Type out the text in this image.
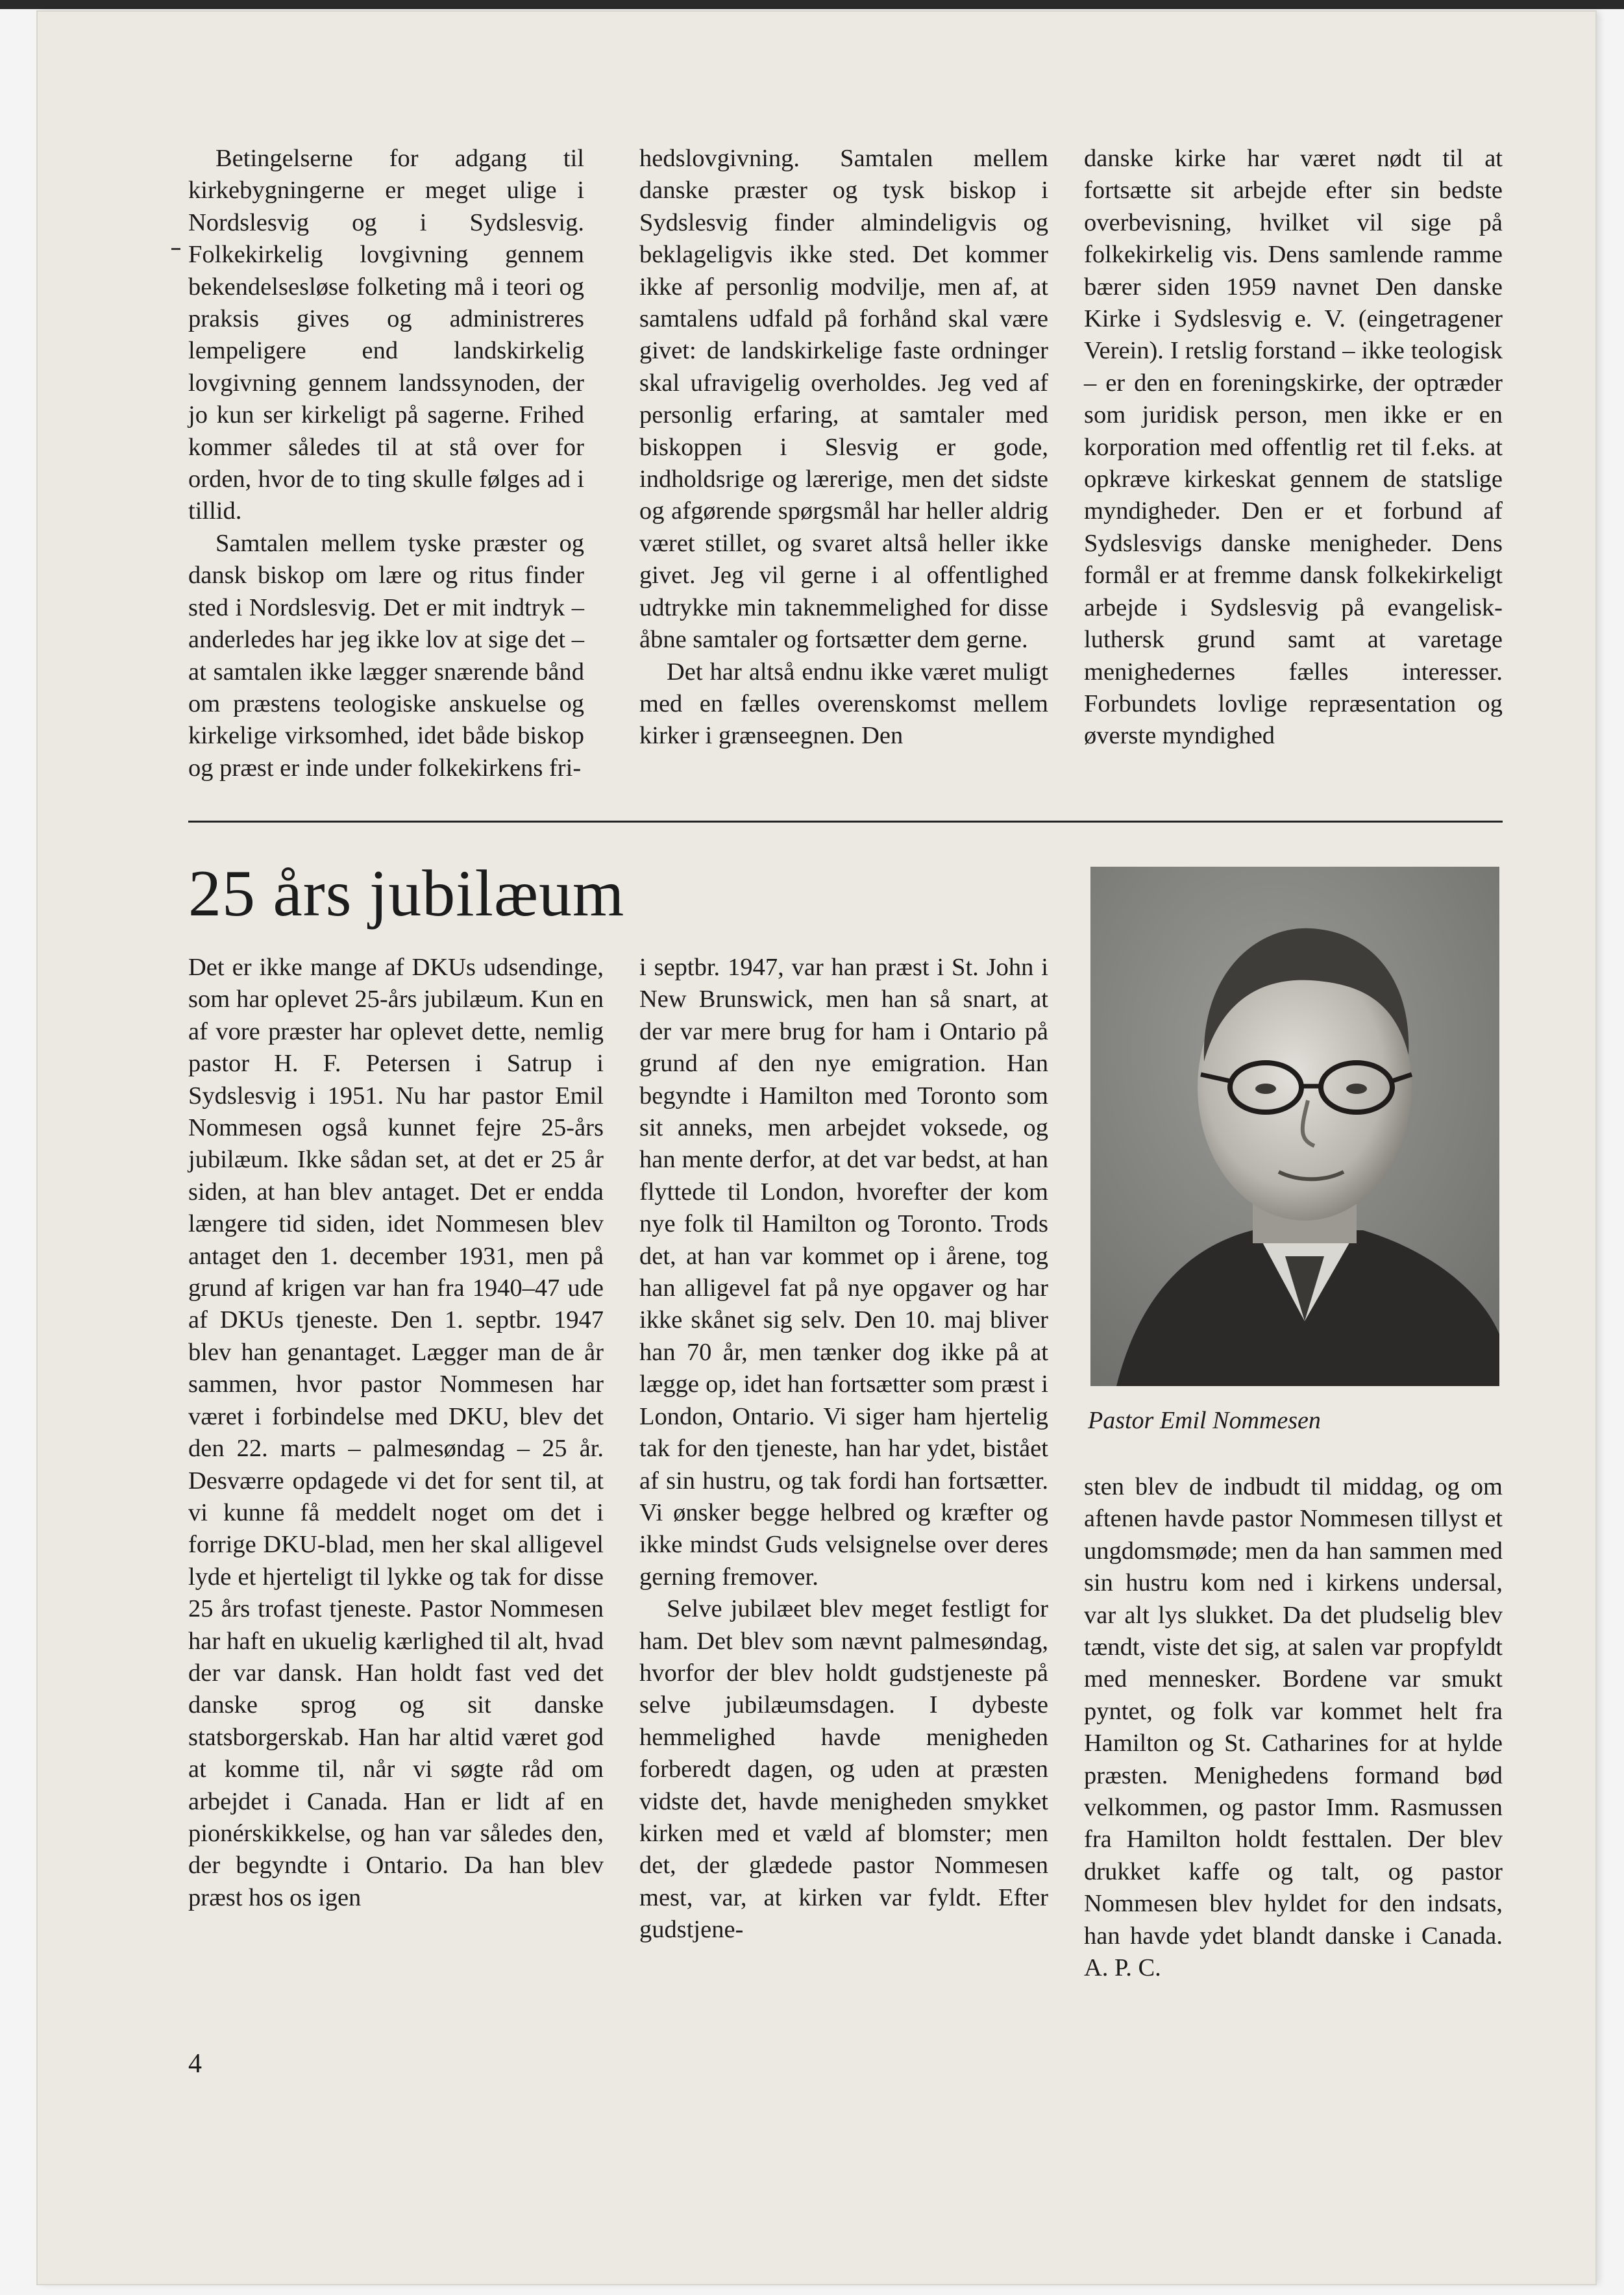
Betingelserne for adgang til kirkebygningerne er meget ulige i Nordslesvig og i Sydslesvig. Folkekirkelig lovgivning gennem bekendelsesløse folketing må i teori og praksis gives og administreres lempeligere end landskirkelig lovgivning gennem landssynoden, der jo kun ser kirkeligt på sagerne. Frihed kommer således til at stå over for orden, hvor de to ting skulle følges ad i tillid.

Samtalen mellem tyske præster og dansk biskop om lære og ritus finder sted i Nordslesvig. Det er mit indtryk – anderledes har jeg ikke lov at sige det – at samtalen ikke lægger snærende bånd om præstens teologiske anskuelse og kirkelige virksomhed, idet både biskop og præst er inde under folkekirkens fri-

hedslovgivning. Samtalen mellem danske præster og tysk biskop i Sydslesvig finder almindeligvis og beklageligvis ikke sted. Det kommer ikke af personlig modvilje, men af, at samtalens udfald på forhånd skal være givet: de landskirkelige faste ordninger skal ufravigelig overholdes. Jeg ved af personlig erfaring, at samtaler med biskoppen i Slesvig er gode, indholdsrige og lærerige, men det sidste og afgørende spørgsmål har heller aldrig været stillet, og svaret altså heller ikke givet. Jeg vil gerne i al offentlighed udtrykke min taknemmelighed for disse åbne samtaler og fortsætter dem gerne.

Det har altså endnu ikke været muligt med en fælles overenskomst mellem kirker i grænseegnen. Den

danske kirke har været nødt til at fortsætte sit arbejde efter sin bedste overbevisning, hvilket vil sige på folkekirkelig vis. Dens samlende ramme bærer siden 1959 navnet Den danske Kirke i Sydslesvig e. V. (eingetragener Verein). I retslig forstand – ikke teologisk – er den en foreningskirke, der optræder som juridisk person, men ikke er en korporation med offentlig ret til f.eks. at opkræve kirkeskat gennem de statslige myndigheder. Den er et forbund af Sydslesvigs danske menigheder. Dens formål er at fremme dansk folkekirkeligt arbejde i Sydslesvig på evangelisk-luthersk grund samt at varetage menighedernes fælles interesser. Forbundets lovlige repræsentation og øverste myndighed

25 års jubilæum

Det er ikke mange af DKUs udsendinge, som har oplevet 25-års jubilæum. Kun en af vore præster har oplevet dette, nemlig pastor H. F. Petersen i Satrup i Sydslesvig i 1951. Nu har pastor Emil Nommesen også kunnet fejre 25-års jubilæum. Ikke sådan set, at det er 25 år siden, at han blev antaget. Det er endda længere tid siden, idet Nommesen blev antaget den 1. december 1931, men på grund af krigen var han fra 1940–47 ude af DKUs tjeneste. Den 1. septbr. 1947 blev han genantaget. Lægger man de år sammen, hvor pastor Nommesen har været i forbindelse med DKU, blev det den 22. marts – palmesøndag – 25 år. Desværre opdagede vi det for sent til, at vi kunne få meddelt noget om det i forrige DKU-blad, men her skal alligevel lyde et hjerteligt til lykke og tak for disse 25 års trofast tjeneste. Pastor Nommesen har haft en ukuelig kærlighed til alt, hvad der var dansk. Han holdt fast ved det danske sprog og sit danske statsborgerskab. Han har altid været god at komme til, når vi søgte råd om arbejdet i Canada. Han er lidt af en pionérskikkelse, og han var således den, der begyndte i Ontario. Da han blev præst hos os igen

i septbr. 1947, var han præst i St. John i New Brunswick, men han så snart, at der var mere brug for ham i Ontario på grund af den nye emigration. Han begyndte i Hamilton med Toronto som sit anneks, men arbejdet voksede, og han mente derfor, at det var bedst, at han flyttede til London, hvorefter der kom nye folk til Hamilton og Toronto. Trods det, at han var kommet op i årene, tog han alligevel fat på nye opgaver og har ikke skånet sig selv. Den 10. maj bliver han 70 år, men tænker dog ikke på at lægge op, idet han fortsætter som præst i London, Ontario. Vi siger ham hjertelig tak for den tjeneste, han har ydet, bistået af sin hustru, og tak fordi han fortsætter. Vi ønsker begge helbred og kræfter og ikke mindst Guds velsignelse over deres gerning fremover.

Selve jubilæet blev meget festligt for ham. Det blev som nævnt palmesøndag, hvorfor der blev holdt gudstjeneste på selve jubilæumsdagen. I dybeste hemmelighed havde menigheden forberedt dagen, og uden at præsten vidste det, havde menigheden smykket kirken med et væld af blomster; men det, der glædede pastor Nommesen mest, var, at kirken var fyldt. Efter gudstjene-

Pastor Emil Nommesen

sten blev de indbudt til middag, og om aftenen havde pastor Nommesen tillyst et ungdomsmøde; men da han sammen med sin hustru kom ned i kirkens undersal, var alt lys slukket. Da det pludselig blev tændt, viste det sig, at salen var propfyldt med mennesker. Bordene var smukt pyntet, og folk var kommet helt fra Hamilton og St. Catharines for at hylde præsten. Menighedens formand bød velkommen, og pastor Imm. Rasmussen fra Hamilton holdt festtalen. Der blev drukket kaffe og talt, og pastor Nommesen blev hyldet for den indsats, han havde ydet blandt danske i Canada. A. P. C.

4
